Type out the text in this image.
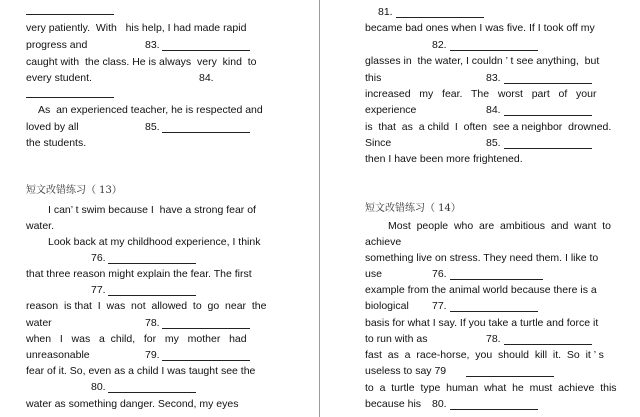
very patiently.  With   his help, I had made rapid
progress and	83.
caught with  the class. He is always  very  kind  to
every student.	84.
As  an experienced teacher, he is respected and
loved by all	85.
the students.
短文改错练习（ 13）
I can’ t swim because I  have a strong fear of
water.
Look back at my childhood experience, I think
76.
that three reason might explain the fear. The first
77.
reason  is that  I  was  not  allowed  to  go  near  the
water	78.
when   I   was   a  child,   for   my   mother   had
unreasonable	79.
fear of it. So, even as a child I was taught see the
80.
water as something danger. Second, my eyes
81.
became bad ones when I was five. If I took off my
82.
glasses in  the water, I couldn ’ t see anything,  but
this	83.
increased   my   fear.   The   worst   part   of   your
experience	84.
is  that  as  a child  I  often  see a neighbor  drowned.
Since	85.
then I have been more frightened.
短文改错练习（ 14）
Most  people  who  are  ambitious  and  want  to
achieve
something live on stress. They need them. I like to
use	76.
example from the animal world because there is a
biological 77.
basis for what I say. If you take a turtle and force it
to run with as	78.
fast  as  a  race-horse,  you  should  kill  it.  So  it ’ s
useless to say 79
to  a  turtle  type  human  what  he  must  achieve  this
because his 80.
